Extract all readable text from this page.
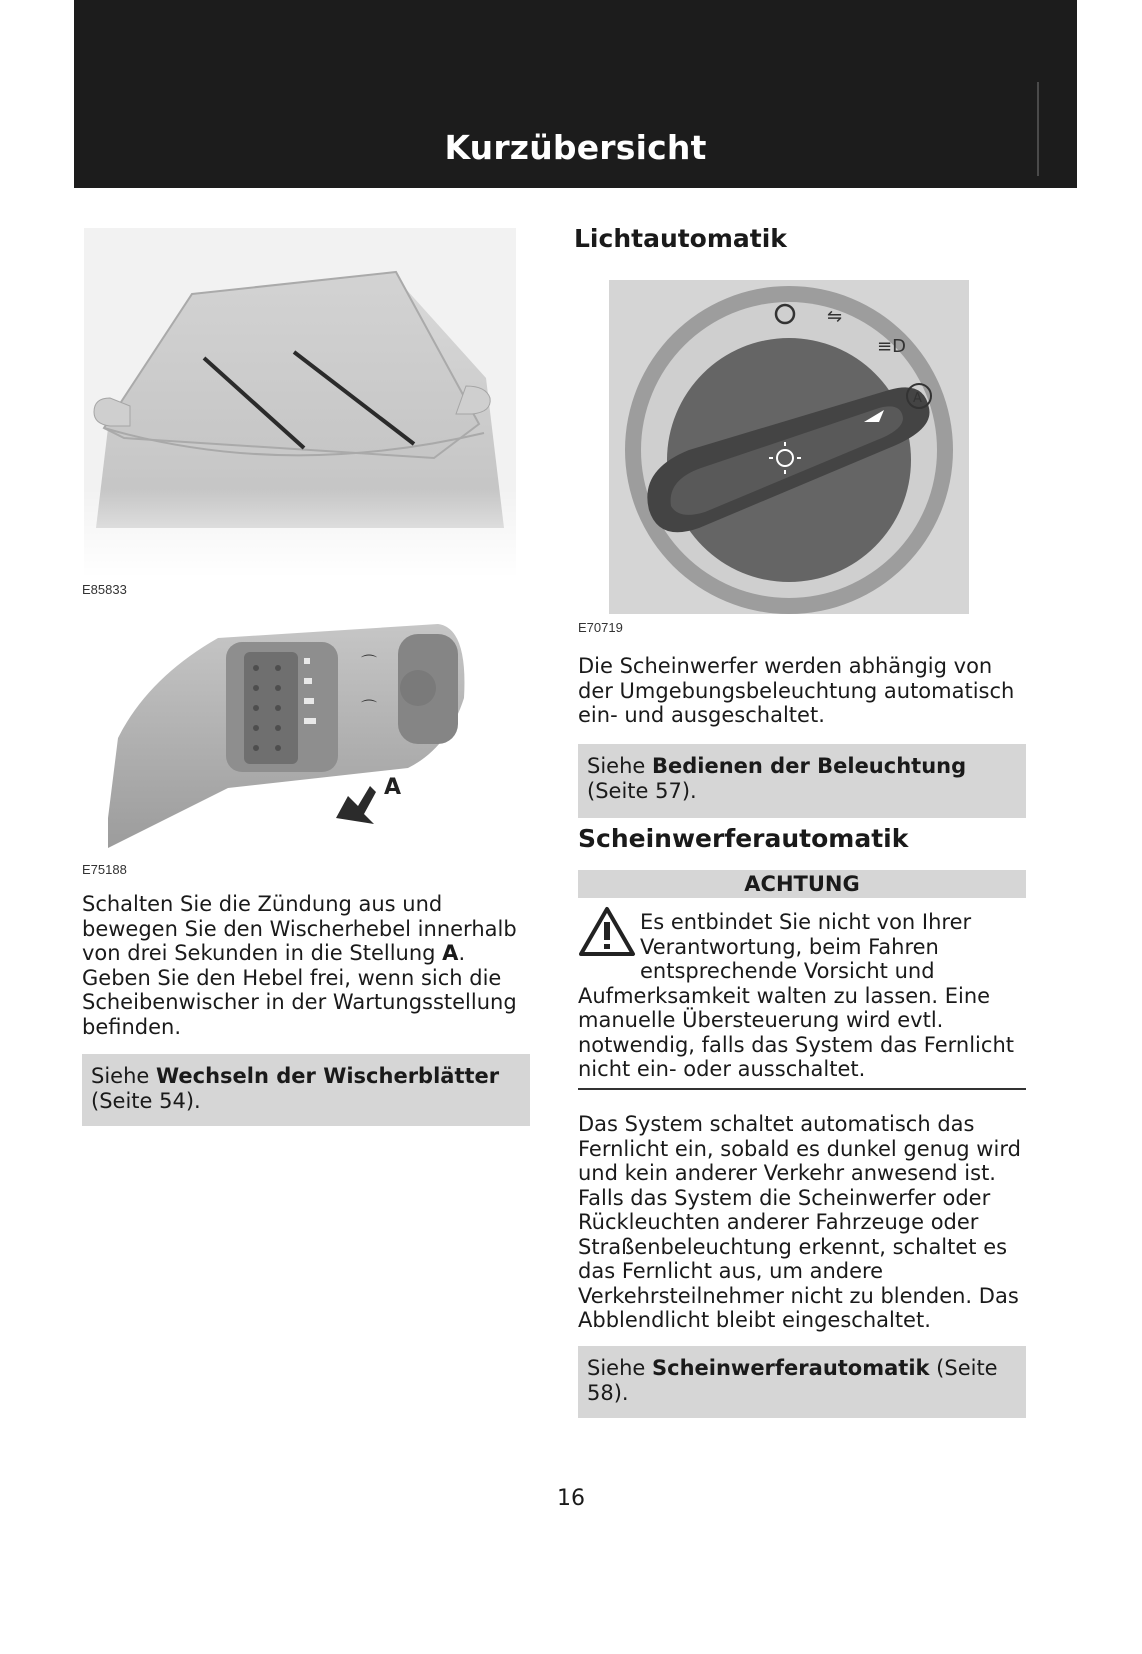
Kurzübersicht
E85833
⌒
⌒
A
E75188

Schalten Sie die Zündung aus und bewegen Sie den Wischerhebel innerhalb von drei Sekunden in die Stellung A. Geben Sie den Hebel frei, wenn sich die Scheibenwischer in der Wartungsstellung befinden.

Siehe Wechseln der Wischerblätter (Seite 54).
Lichtautomatik
⇋
≡D
A
E70719

Die Scheinwerfer werden abhängig von der Umgebungsbeleuchtung automatisch ein- und ausgeschaltet.

Siehe Bedienen der Beleuchtung (Seite 57).
Scheinwerferautomatik
ACHTUNG

Es entbindet Sie nicht von Ihrer Verantwortung, beim Fahren entsprechende Vorsicht und Aufmerksamkeit walten zu lassen. Eine manuelle Übersteuerung wird evtl. notwendig, falls das System das Fernlicht nicht ein- oder ausschaltet.

Das System schaltet automatisch das Fernlicht ein, sobald es dunkel genug wird und kein anderer Verkehr anwesend ist. Falls das System die Scheinwerfer oder Rückleuchten anderer Fahrzeuge oder Straßenbeleuchtung erkennt, schaltet es das Fernlicht aus, um andere Verkehrsteilnehmer nicht zu blenden. Das Abblendlicht bleibt eingeschaltet.

Siehe Scheinwerferautomatik (Seite 58).
16
